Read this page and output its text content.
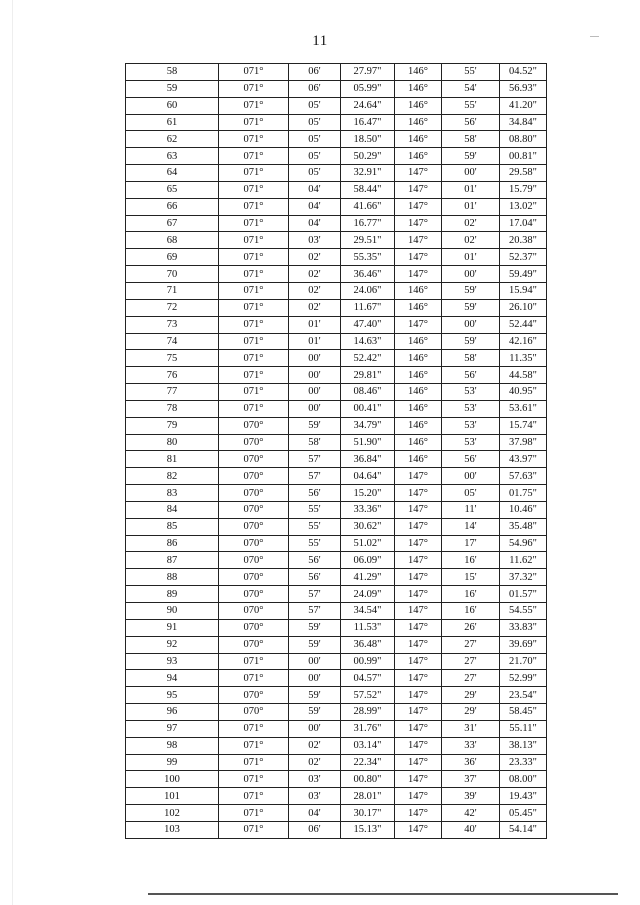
11
58	071°	06'	27.97"	146°	55'	04.52"
59	071°	06'	05.99"	146°	54'	56.93"
60	071°	05'	24.64"	146°	55'	41.20"
61	071°	05'	16.47"	146°	56'	34.84"
62	071°	05'	18.50"	146°	58'	08.80"
63	071°	05'	50.29"	146°	59'	00.81"
64	071°	05'	32.91"	147°	00'	29.58"
65	071°	04'	58.44"	147°	01'	15.79"
66	071°	04'	41.66"	147°	01'	13.02"
67	071°	04'	16.77"	147°	02'	17.04"
68	071°	03'	29.51"	147°	02'	20.38"
69	071°	02'	55.35"	147°	01'	52.37"
70	071°	02'	36.46"	147°	00'	59.49"
71	071°	02'	24.06"	146°	59'	15.94"
72	071°	02'	11.67"	146°	59'	26.10"
73	071°	01'	47.40"	147°	00'	52.44"
74	071°	01'	14.63"	146°	59'	42.16"
75	071°	00'	52.42"	146°	58'	11.35"
76	071°	00'	29.81"	146°	56'	44.58"
77	071°	00'	08.46"	146°	53'	40.95"
78	071°	00'	00.41"	146°	53'	53.61"
79	070°	59'	34.79"	146°	53'	15.74"
80	070°	58'	51.90"	146°	53'	37.98"
81	070°	57'	36.84"	146°	56'	43.97"
82	070°	57'	04.64"	147°	00'	57.63"
83	070°	56'	15.20"	147°	05'	01.75"
84	070°	55'	33.36"	147°	11'	10.46"
85	070°	55'	30.62"	147°	14'	35.48"
86	070°	55'	51.02"	147°	17'	54.96"
87	070°	56'	06.09"	147°	16'	11.62"
88	070°	56'	41.29"	147°	15'	37.32"
89	070°	57'	24.09"	147°	16'	01.57"
90	070°	57'	34.54"	147°	16'	54.55"
91	070°	59'	11.53"	147°	26'	33.83"
92	070°	59'	36.48"	147°	27'	39.69"
93	071°	00'	00.99"	147°	27'	21.70"
94	071°	00'	04.57"	147°	27'	52.99"
95	070°	59'	57.52"	147°	29'	23.54"
96	070°	59'	28.99"	147°	29'	58.45"
97	071°	00'	31.76"	147°	31'	55.11"
98	071°	02'	03.14"	147°	33'	38.13"
99	071°	02'	22.34"	147°	36'	23.33"
100	071°	03'	00.80"	147°	37'	08.00"
101	071°	03'	28.01"	147°	39'	19.43"
102	071°	04'	30.17"	147°	42'	05.45"
103	071°	06'	15.13"	147°	40'	54.14"
